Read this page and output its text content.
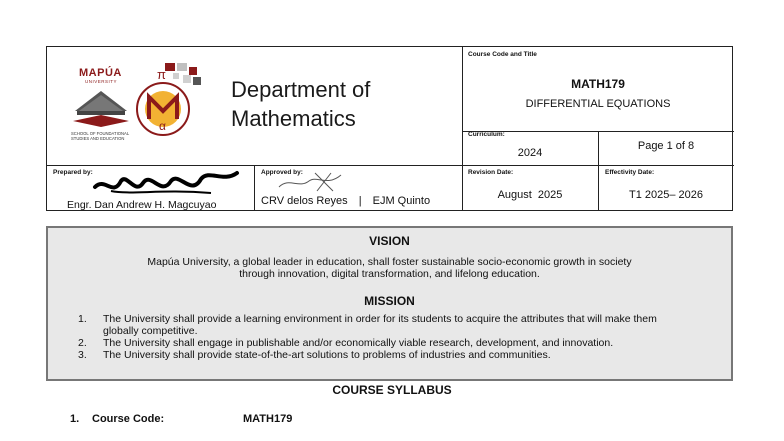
MAPÚA
UNIVERSITY
SCHOOL OF FOUNDATIONAL STUDIES AND EDUCATION
π
α
Department of
Mathematics
Course Code and Title
MATH179
DIFFERENTIAL EQUATIONS
Curriculum:
2024
Page 1 of 8
Prepared by:
Engr. Dan Andrew H. Magcuyao
Approved by:
CRV delos Reyes | EJM Quinto
Revision Date:
August  2025
Effectivity Date:
T1 2025– 2026
VISION
Mapúa University, a global leader in education, shall foster sustainable socio-economic growth in society
through innovation, digital transformation, and lifelong education.
MISSION
1. The University shall provide a learning environment in order for its students to acquire the attributes that will make them
globally competitive.
2. The University shall engage in publishable and/or economically viable research, development, and innovation.
3. The University shall provide state-of-the-art solutions to problems of industries and communities.
COURSE SYLLABUS
1. Course Code:	MATH179
